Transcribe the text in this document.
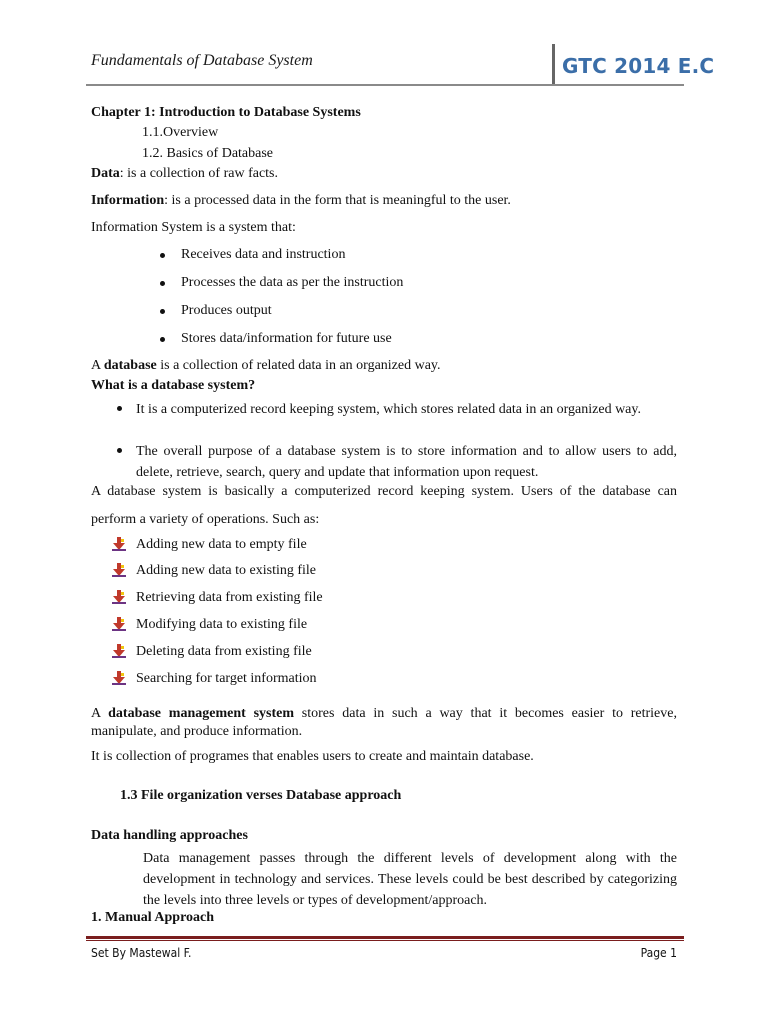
Fundamentals of Database System	GTC 2014 E.C
Chapter 1: Introduction to Database Systems
1.1.Overview
1.2. Basics of Database
Data: is a collection of raw facts.
Information: is a processed data in the form that is meaningful to the user.
Information System is a system that:
Receives data and instruction
Processes the data as per the instruction
Produces output
Stores data/information for future use
A database is a collection of related data in an organized way.
What is a database system?
It is a computerized record keeping system, which stores related data in an organized way.
The overall purpose of a database system is to store information and to allow users to add, delete, retrieve, search, query and update that information upon request.
A database system is basically a computerized record keeping system. Users of the database can
perform a variety of operations. Such as:
Adding new data to empty file
Adding new data to existing file
Retrieving data from existing file
Modifying data to existing file
Deleting data from existing file
Searching for target information
A database management system stores data in such a way that it becomes easier to retrieve, manipulate, and produce information.
It is collection of programes that enables users to create and maintain database.
1.3 File organization verses Database approach
Data handling approaches
Data management passes through the different levels of development along with the development in technology and services. These levels could be best described by categorizing the levels into three levels or types of development/approach.
1. Manual Approach
Set By Mastewal F.	Page 1
